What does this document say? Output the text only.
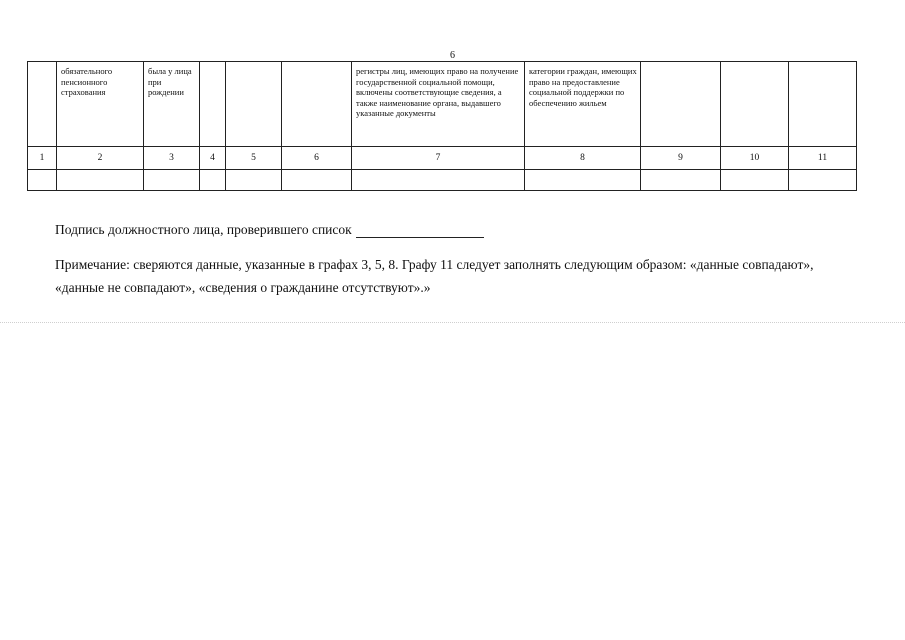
6

	обязательного пенсионного страхования	была у лица при рождении				регистры лиц, имеющих право на получение государственной социальной помощи, включены соответствующие сведения, а также наименование органа, выдавшего указанные документы	категории граждан, имеющих право на предоставление социальной поддержки по обеспечению жильем			

1	2	3	4	5	6	7	8	9	10	11

Подпись должностного лица, проверившего список
Примечание: сверяются данные, указанные в графах 3, 5, 8. Графу 11 следует заполнять следующим образом: «данные совпадают», «данные не совпадают», «сведения о гражданине отсутствуют».»
